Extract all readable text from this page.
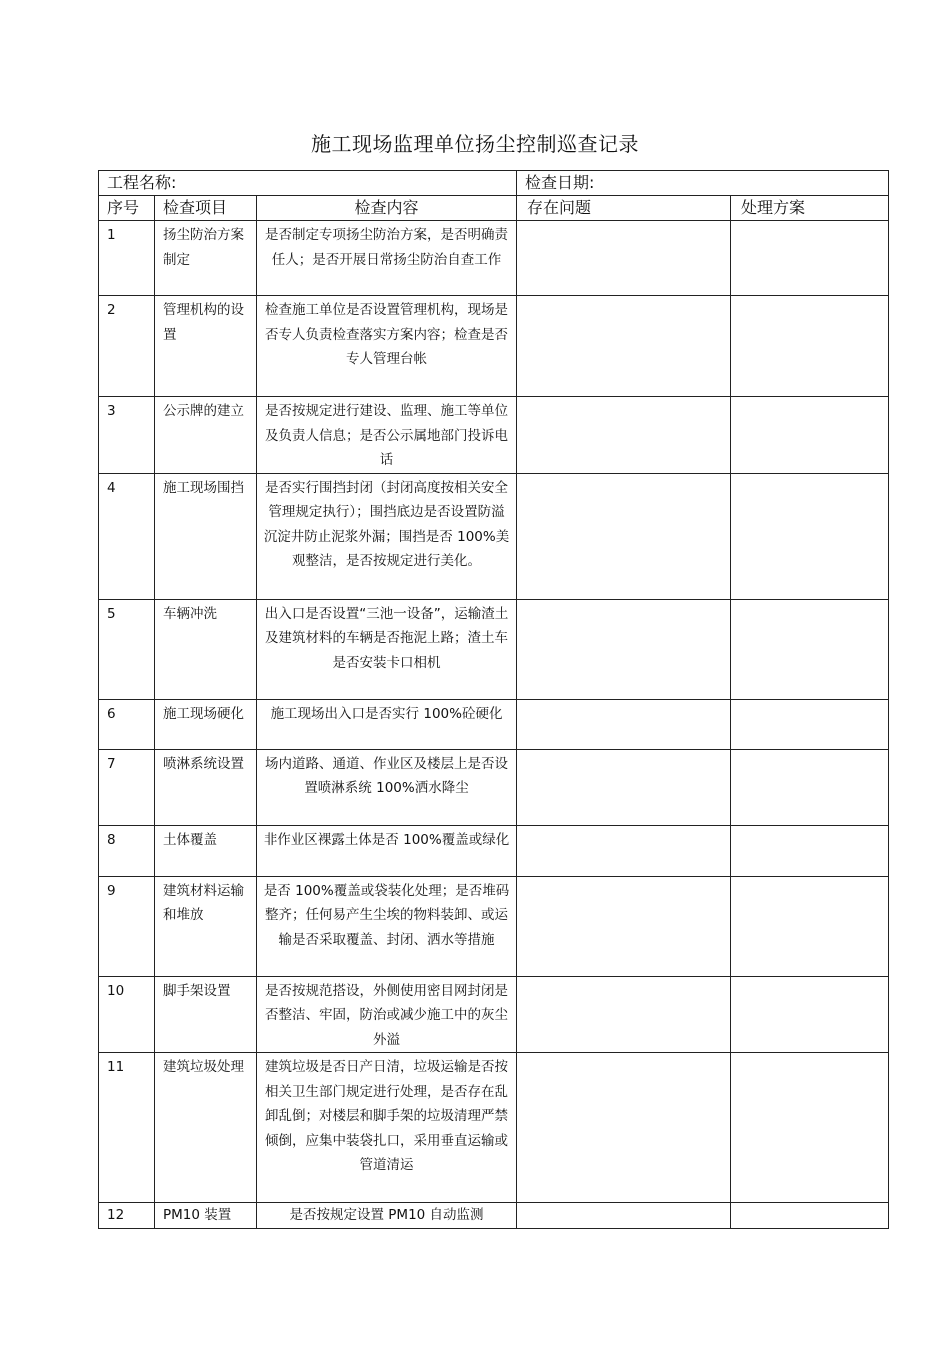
施工现场监理单位扬尘控制巡查记录
工程名称:			检查日期:	
序号	检查项目	检查内容	存在问题	处理方案
1	扬尘防治方案制定	是否制定专项扬尘防治方案，是否明确责任人；是否开展日常扬尘防治自查工作		
2	管理机构的设置	检查施工单位是否设置管理机构，现场是否专人负责检查落实方案内容；检查是否专人管理台帐		
3	公示牌的建立	是否按规定进行建设、监理、施工等单位及负责人信息；是否公示属地部门投诉电话		
4	施工现场围挡	是否实行围挡封闭（封闭高度按相关安全管理规定执行）；围挡底边是否设置防溢沉淀井防止泥浆外漏；围挡是否 100%美观整洁，是否按规定进行美化。		
5	车辆冲洗	出入口是否设置“三池一设备”，运输渣土及建筑材料的车辆是否拖泥上路；渣土车是否安装卡口相机		
6	施工现场硬化	施工现场出入口是否实行 100%砼硬化		
7	喷淋系统设置	场内道路、通道、作业区及楼层上是否设置喷淋系统 100%洒水降尘		
8	土体覆盖	非作业区裸露土体是否 100%覆盖或绿化		
9	建筑材料运输和堆放	是否 100%覆盖或袋装化处理；是否堆码整齐；任何易产生尘埃的物料装卸、或运输是否采取覆盖、封闭、洒水等措施		
10	脚手架设置	是否按规范搭设，外侧使用密目网封闭是否整洁、牢固，防治或减少施工中的灰尘外溢		
11	建筑垃圾处理	建筑垃圾是否日产日清，垃圾运输是否按相关卫生部门规定进行处理，是否存在乱卸乱倒；对楼层和脚手架的垃圾清理严禁倾倒，应集中装袋扎口，采用垂直运输或管道清运		
12	PM10 装置	是否按规定设置 PM10 自动监测		
